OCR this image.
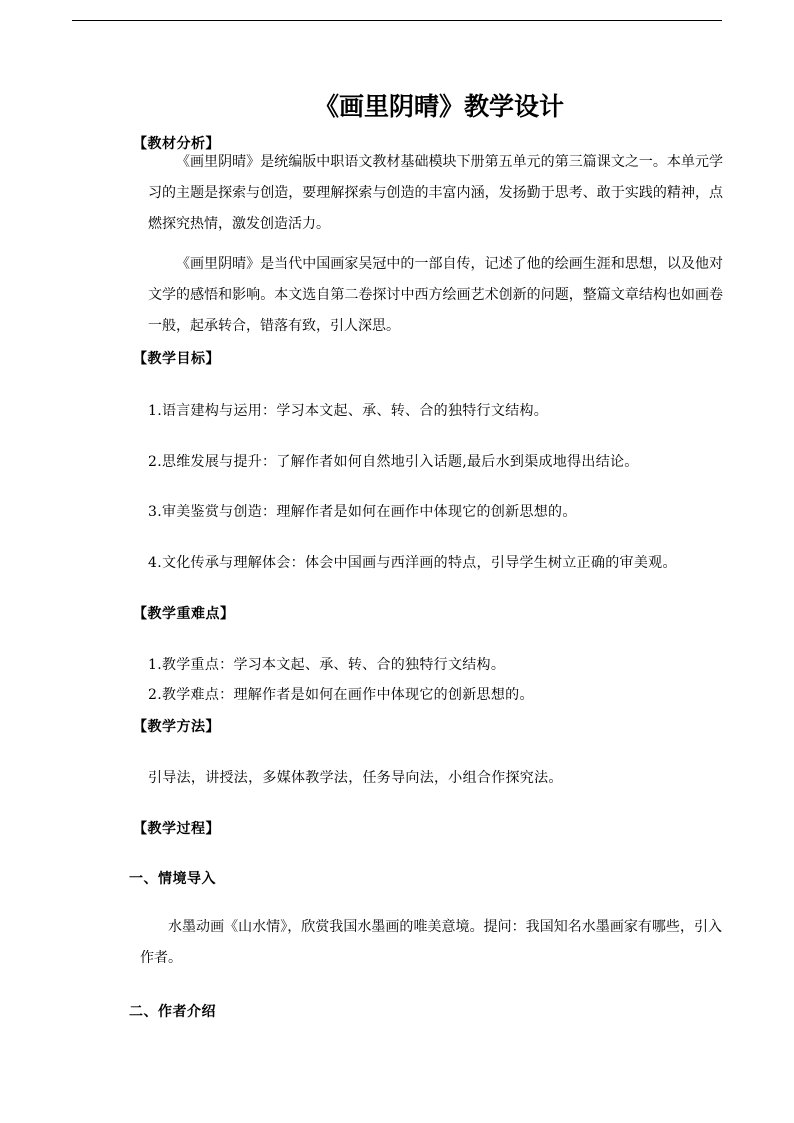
《画里阴晴》教学设计
【教材分析】

《画里阴晴》是统编版中职语文教材基础模块下册第五单元的第三篇课文之一。本单元学习的主题是探索与创造，要理解探索与创造的丰富内涵，发扬勤于思考、敢于实践的精神，点燃探究热情，激发创造活力。

《画里阴晴》是当代中国画家吴冠中的一部自传，记述了他的绘画生涯和思想，以及他对文学的感悟和影响。本文选自第二卷探讨中西方绘画艺术创新的问题，整篇文章结构也如画卷一般，起承转合，错落有致，引人深思。

【教学目标】
1.语言建构与运用：学习本文起、承、转、合的独特行文结构。
2.思维发展与提升：了解作者如何自然地引入话题,最后水到渠成地得出结论。
3.审美鉴赏与创造：理解作者是如何在画作中体现它的创新思想的。
4.文化传承与理解体会：体会中国画与西洋画的特点，引导学生树立正确的审美观。
【教学重难点】
1.教学重点：学习本文起、承、转、合的独特行文结构。
2.教学难点：理解作者是如何在画作中体现它的创新思想的。
【教学方法】
引导法，讲授法，多媒体教学法，任务导向法，小组合作探究法。
【教学过程】
一、情境导入

水墨动画《山水情》，欣赏我国水墨画的唯美意境。提问：我国知名水墨画家有哪些，引入作者。

二、作者介绍
